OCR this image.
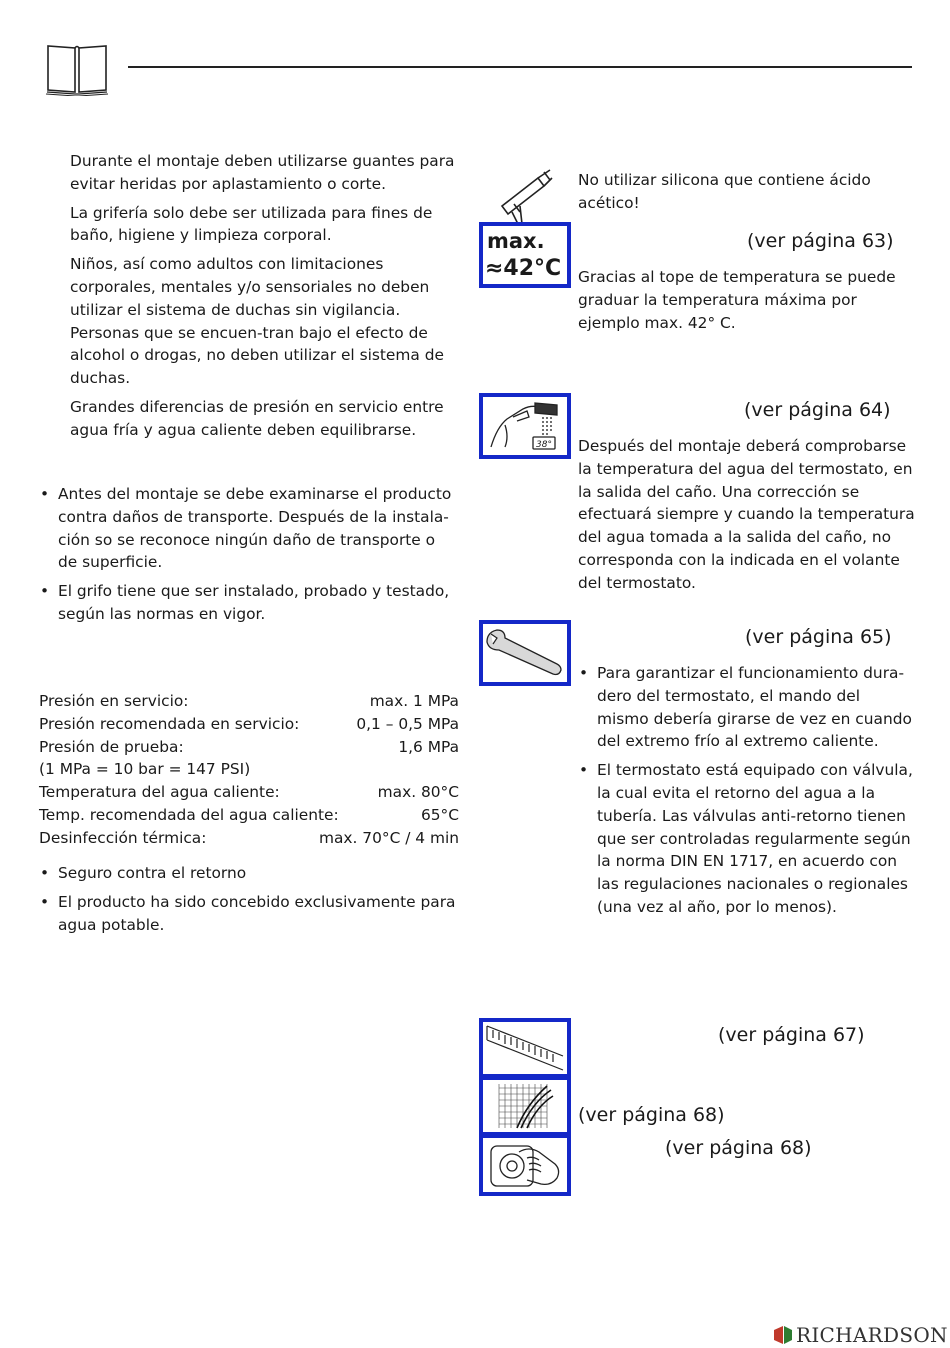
Durante el montaje deben utilizarse guantes para evitar heridas por aplastamiento o corte.

La grifería solo debe ser utilizada para fines de baño, higiene y limpieza corporal.

Niños, así como adultos con limitaciones corporales, mentales y/o sensoriales no deben utilizar el sistema de duchas sin vigilancia. Personas que se encuen-tran bajo el efecto de alcohol o drogas, no deben utilizar el sistema de duchas.

Grandes diferencias de presión en servicio entre agua fría y agua caliente deben equilibrarse.

• Antes del montaje se debe examinarse el producto contra daños de transporte. Después de la instala-ción so se reconoce ningún daño de transporte o de superficie.
• El grifo tiene que ser instalado, probado y testado, según las normas en vigor.
Presión en servicio:	max. 1 MPa
Presión recomendada en servicio:	0,1 – 0,5 MPa
Presión de prueba:	1,6 MPa
(1 MPa = 10 bar = 147 PSI)
Temperatura del agua caliente:	max. 80°C
Temp. recomendada del agua caliente:	65°C
Desinfección térmica:	max. 70°C / 4 min
• Seguro contra el retorno
• El producto ha sido concebido exclusivamente para agua potable.

No utilizar silicona que contiene ácido acético!

max.
≈42°C
(ver página 63)

Gracias al tope de temperatura se puede graduar la temperatura máxima por ejemplo max. 42° C.

38°
(ver página 64)

Después del montaje deberá comprobarse la temperatura del agua del termostato, en la salida del caño. Una corrección se efectuará siempre y cuando la temperatura del agua tomada a la salida del caño, no corresponda con la indicada en el volante del termostato.

(ver página 65)
• Para garantizar el funcionamiento dura-dero del termostato, el mando del mismo debería girarse de vez en cuando del extremo frío al extremo caliente.
• El termostato está equipado con válvula, la cual evita el retorno del agua a la tubería. Las válvulas anti-retorno tienen que ser controladas regularmente según la norma DIN EN 1717, en acuerdo con las regulaciones nacionales o regionales (una vez al año, por lo menos).
(ver página 67)
(ver página 68)
(ver página 68)
RICHARDSON
